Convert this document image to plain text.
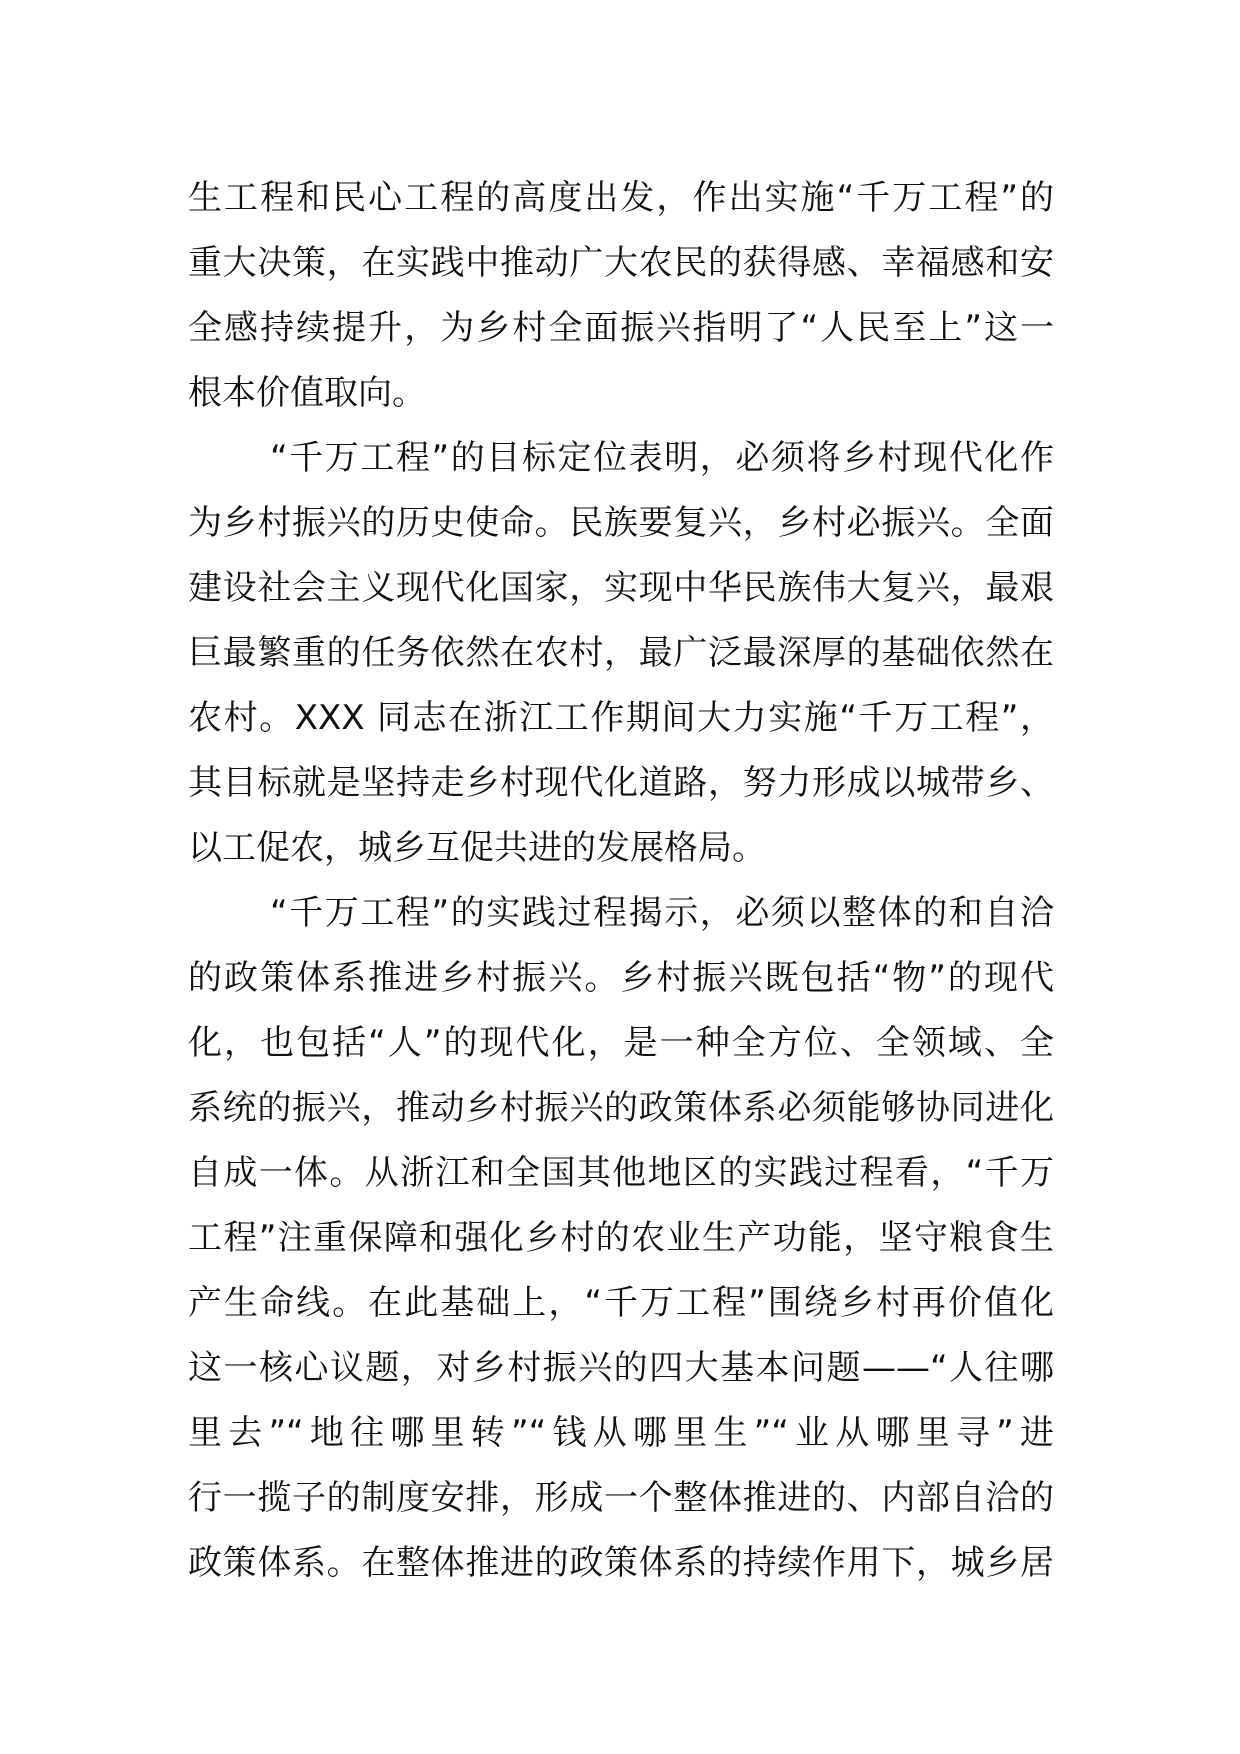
生工程和民心工程的高度出发，作出实施“千万工程”的
重大决策，在实践中推动广大农民的获得感、幸福感和安
全感持续提升，为乡村全面振兴指明了“人民至上”这一
根本价值取向。
“千万工程”的目标定位表明，必须将乡村现代化作
为乡村振兴的历史使命。民族要复兴，乡村必振兴。全面
建设社会主义现代化国家，实现中华民族伟大复兴，最艰
巨最繁重的任务依然在农村，最广泛最深厚的基础依然在
农村。XXX 同志在浙江工作期间大力实施“千万工程”，
其目标就是坚持走乡村现代化道路，努力形成以城带乡、
以工促农，城乡互促共进的发展格局。
“千万工程”的实践过程揭示，必须以整体的和自洽
的政策体系推进乡村振兴。乡村振兴既包括“物”的现代
化，也包括“人”的现代化，是一种全方位、全领域、全
系统的振兴，推动乡村振兴的政策体系必须能够协同进化
自成一体。从浙江和全国其他地区的实践过程看，“千万
工程”注重保障和强化乡村的农业生产功能，坚守粮食生
产生命线。在此基础上，“千万工程”围绕乡村再价值化
这一核心议题，对乡村振兴的四大基本问题——“人往哪
里去”“地往哪里转”“钱从哪里生”“业从哪里寻”进
行一揽子的制度安排，形成一个整体推进的、内部自洽的
政策体系。在整体推进的政策体系的持续作用下，城乡居
